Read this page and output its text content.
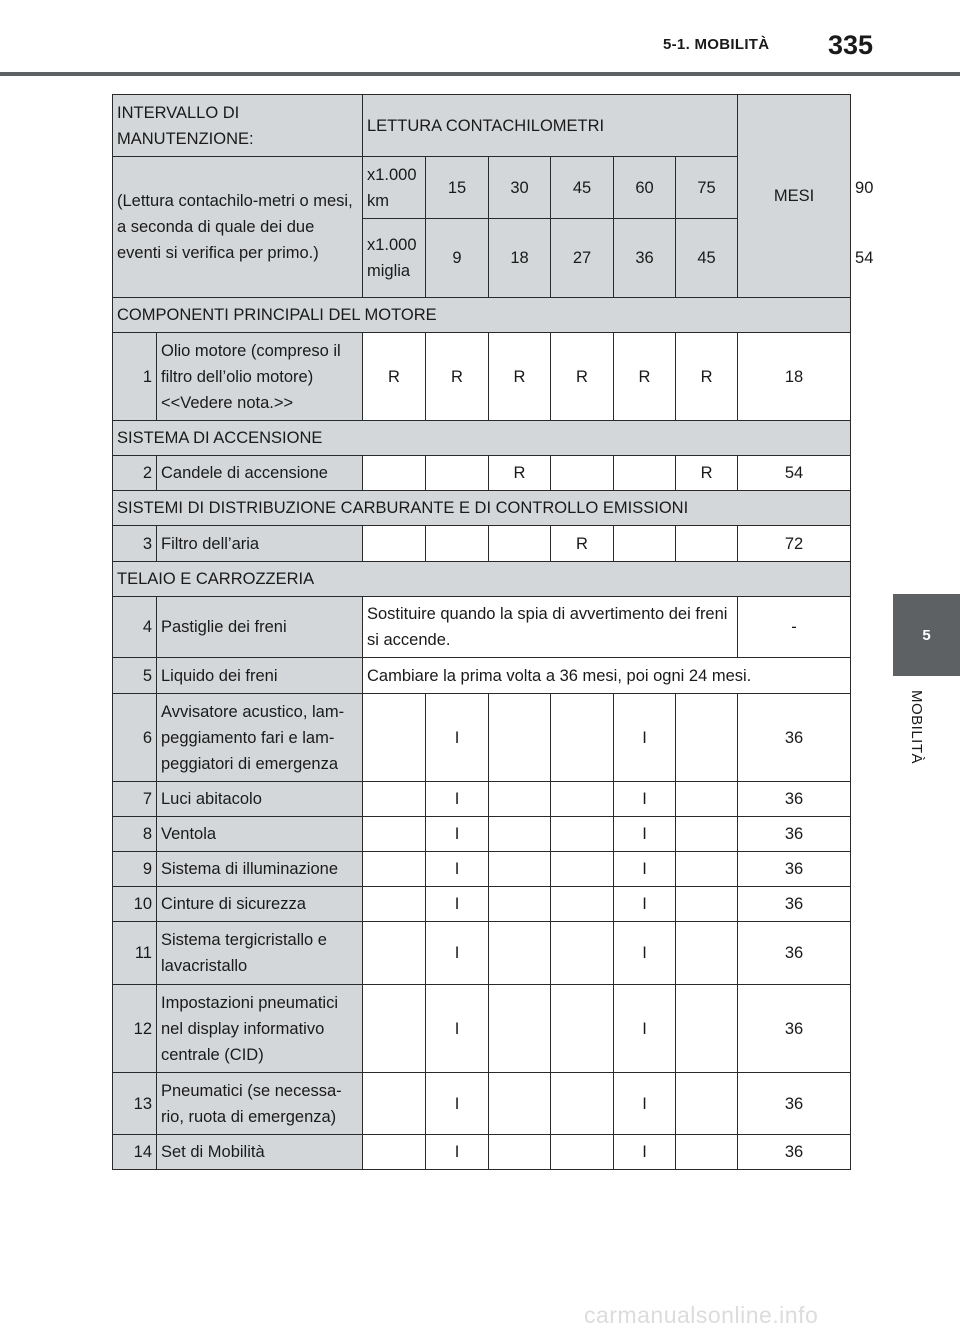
5-1. MOBILITÀ 335
5
MOBILITÀ
INTERVALLO DI MANUTENZIONE:		LETTURA CONTACHILOMETRI						MESI	
(Lettura contachilo-metri o mesi, a seconda di quale dei due eventi si verifica per primo.)		x1.000 km	15	30	45	60	75		90
		x1.000 miglia	9	18	27	36	45		54
COMPONENTI PRINCIPALI DEL MOTORE									
1	Olio motore (compreso il filtro dell’olio motore) <<Vedere nota.>>	R	R	R	R	R	R	18	
SISTEMA DI ACCENSIONE									
2	Candele di accensione			R			R	54	
SISTEMI DI DISTRIBUZIONE CARBURANTE E DI CONTROLLO EMISSIONI									
3	Filtro dell’aria				R			72	
TELAIO E CARROZZERIA									
4	Pastiglie dei freni	Sostituire quando la spia di avvertimento dei freni si accende.						-	
5	Liquido dei freni	Cambiare la prima volta a 36 mesi, poi ogni 24 mesi.							
6	Avvisatore acustico, lam-peggiamento fari e lam-peggiatori di emergenza		I			I		36	
7	Luci abitacolo		I			I		36	
8	Ventola		I			I		36	
9	Sistema di illuminazione		I			I		36	
10	Cinture di sicurezza		I			I		36	
11	Sistema tergicristallo e lavacristallo		I			I		36	
12	Impostazioni pneumatici nel display informativo centrale (CID)		I			I		36	
13	Pneumatici (se necessa-rio, ruota di emergenza)		I			I		36	
14	Set di Mobilità		I			I		36	
carmanualsonline.info
